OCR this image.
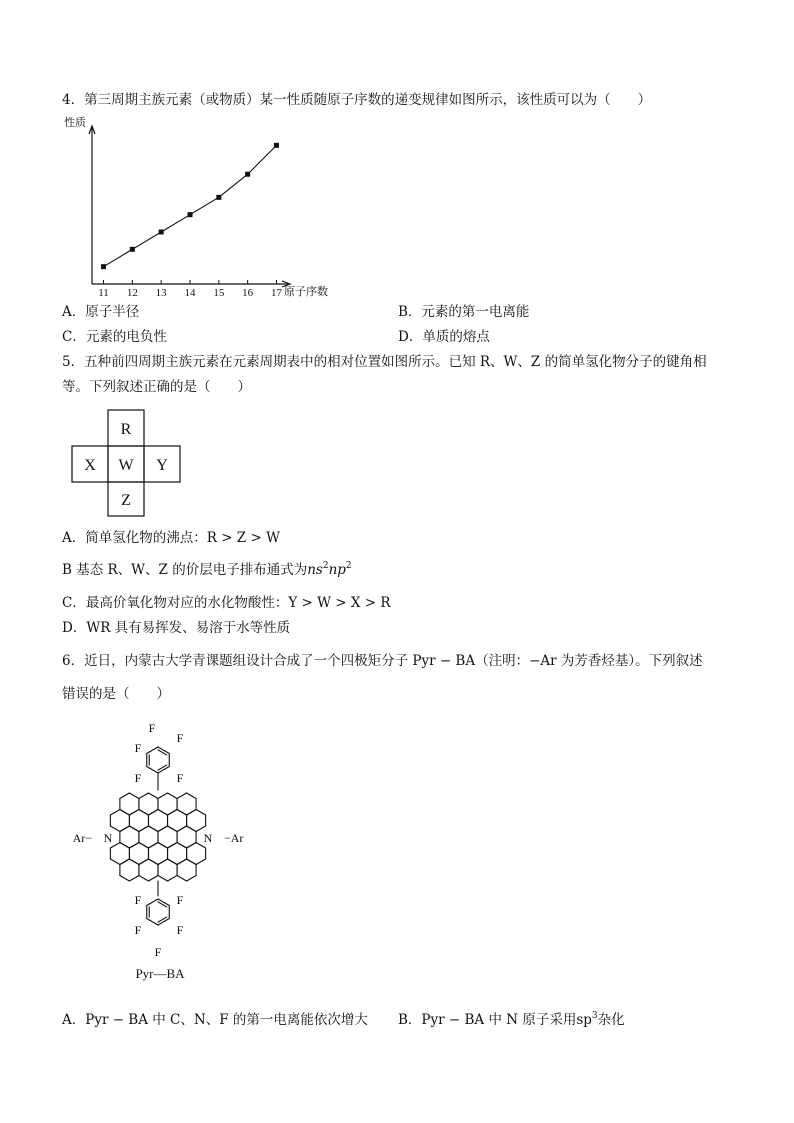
4．第三周期主族元素（或物质）某一性质随原子序数的递变规律如图所示，该性质可以为（　　）
性质
原子序数
11 12 13 14 15 16 17
A．原子半径	B．元素的第一电离能
C．元素的电负性	D．单质的熔点
5．五种前四周期主族元素在元素周期表中的相对位置如图所示。已知 R、W、Z 的简单氢化物分子的键角相
等。下列叙述正确的是（　　）
R
X W Y
Z
A．简单氢化物的沸点：R > Z > W
B 基态 R、W、Z 的价层电子排布通式为$ns^2np^2$
C．最高价氧化物对应的水化物酸性：Y > W > X > R
D．WR 具有易挥发、易溶于水等性质
6．近日，内蒙古大学青课题组设计合成了一个四极矩分子 Pyr − BA（注明：−Ar 为芳香烃基）。下列叙述
错误的是（　　）
F
F
F
F
F
N	N
Ar−	−Ar
F	F
F	F
F
Pyr—BA
A．Pyr − BA 中 C、N、F 的第一电离能依次增大 B．Pyr − BA 中 N 原子采用$sp^3$杂化
